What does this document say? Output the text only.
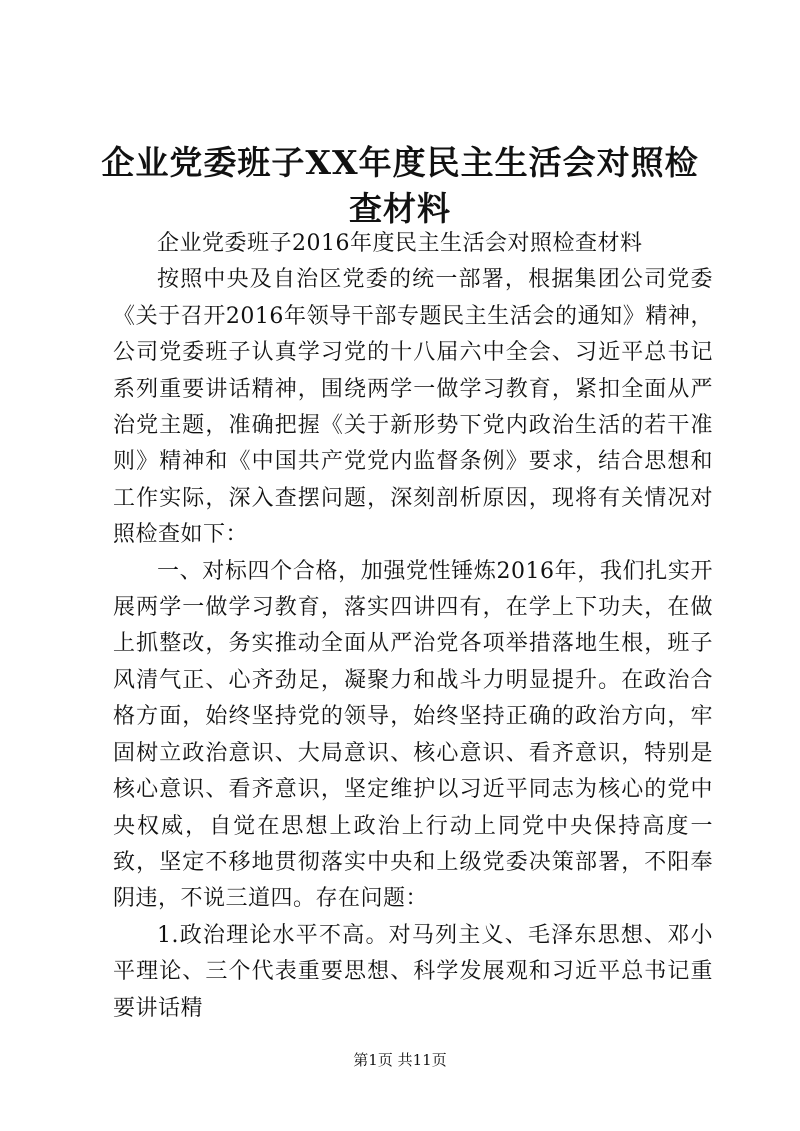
企业党委班子XX年度民主生活会对照检查材料

企业党委班子2016年度民主生活会对照检查材料

按照中央及自治区党委的统一部署，根据集团公司党委《关于召开2016年领导干部专题民主生活会的通知》精神，公司党委班子认真学习党的十八届六中全会、习近平总书记系列重要讲话精神，围绕两学一做学习教育，紧扣全面从严治党主题，准确把握《关于新形势下党内政治生活的若干准则》精神和《中国共产党党内监督条例》要求，结合思想和工作实际，深入查摆问题，深刻剖析原因，现将有关情况对照检查如下：

一、对标四个合格，加强党性锤炼2016年，我们扎实开展两学一做学习教育，落实四讲四有，在学上下功夫，在做上抓整改，务实推动全面从严治党各项举措落地生根，班子风清气正、心齐劲足，凝聚力和战斗力明显提升。在政治合格方面，始终坚持党的领导，始终坚持正确的政治方向，牢固树立政治意识、大局意识、核心意识、看齐意识，特别是核心意识、看齐意识，坚定维护以习近平同志为核心的党中央权威，自觉在思想上政治上行动上同党中央保持高度一致，坚定不移地贯彻落实中央和上级党委决策部署，不阳奉阴违，不说三道四。存在问题：

1.政治理论水平不高。对马列主义、毛泽东思想、邓小平理论、三个代表重要思想、科学发展观和习近平总书记重要讲话精

第1页 共11页
